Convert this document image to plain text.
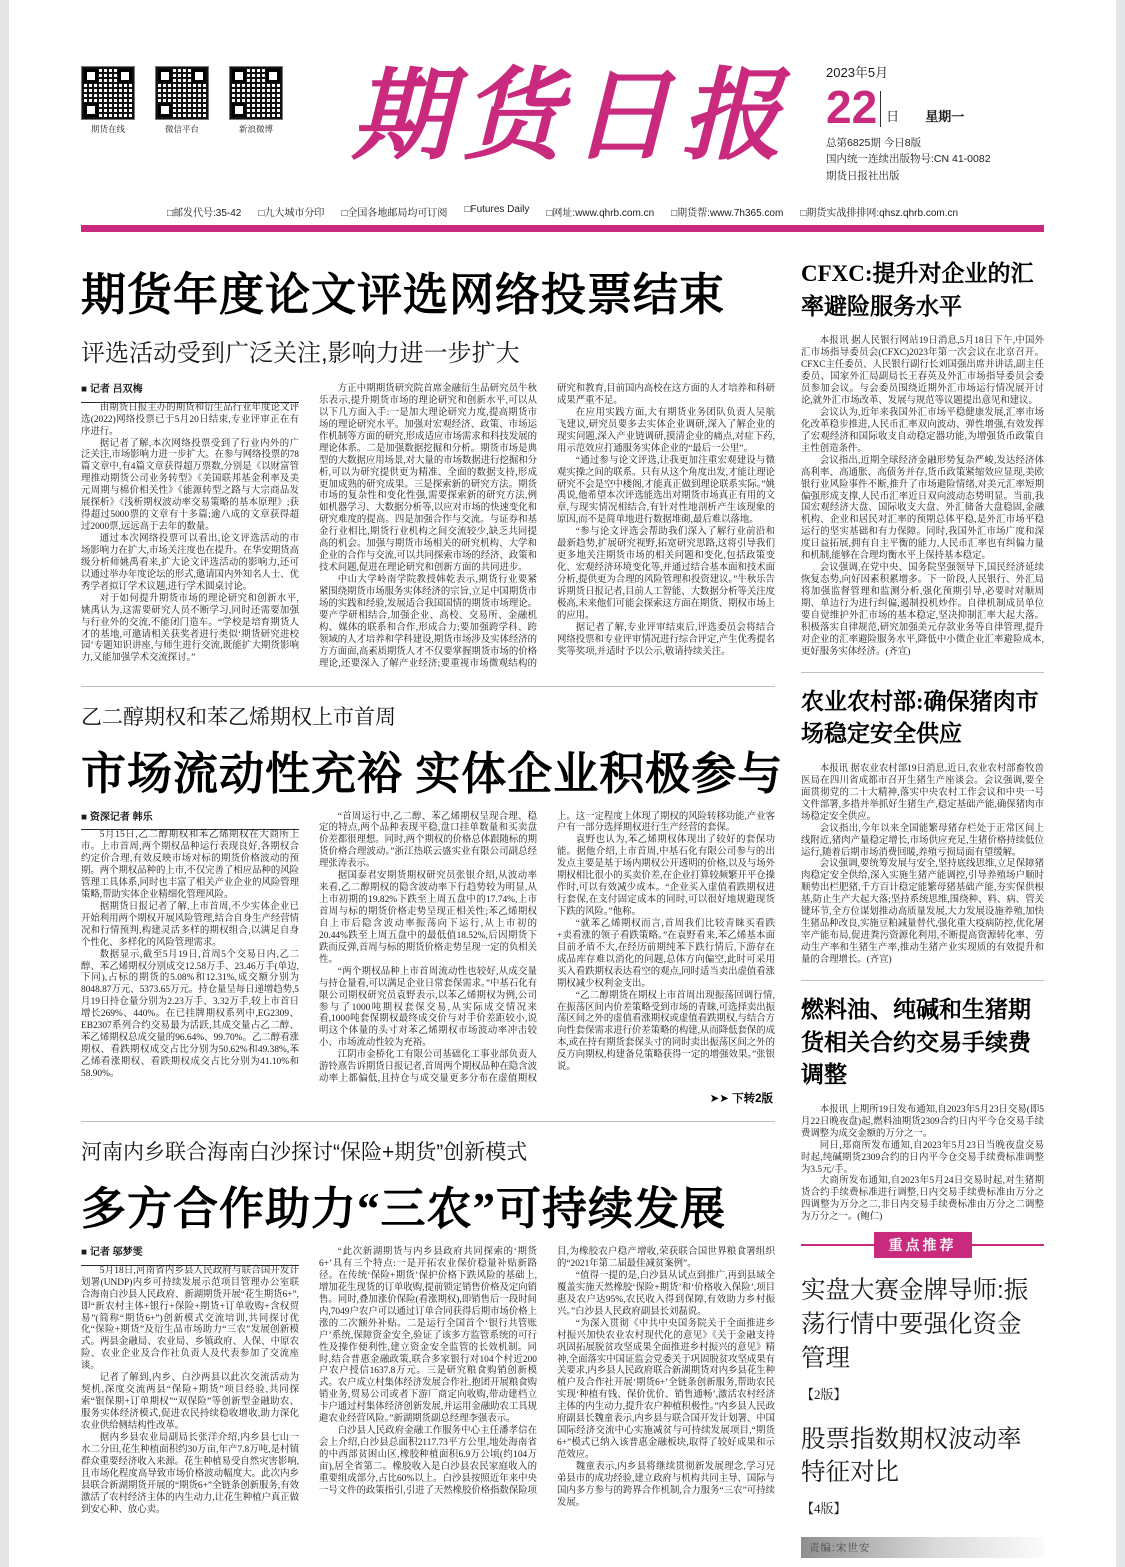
期货在线	微信平台	新浪微博 期货日报	2023年5月
22 日 星期一
总第6825期 今日8版
国内统一连续出版物号:CN 41-0082
期货日报社出版
□邮发代号:35-42 □九大城市分印 □全国各地邮局均可订阅 □Futures Daily □网址:www.qhrb.com.cn □期货帮:www.7h365.com □期货实战排排网:qhsz.qhrb.com.cn
期货年度论文评选网络投票结束

评选活动受到广泛关注,影响力进一步扩大

■ 记者 吕双梅

由期货日报主办的期货和衍生品行业年度论文评选(2022)网络投票已于5月20日结束,专业评审正在有序进行。

据记者了解,本次网络投票受到了行业内外的广泛关注,市场影响力进一步扩大。在参与网络投票的78篇文章中,有4篇文章获得超万票数,分别是《以财富管理推动期货公司业务转型》《美国联邦基金利率及美元周期与棉价相关性》《能源转型之路与大宗商品发展探析》《浅析期权波动率交易策略的基本原理》;获得超过5000票的文章有十多篇;逾八成的文章获得超过2000票,远远高于去年的数量。

通过本次网络投票可以看出,论文评选活动的市场影响力在扩大,市场关注度也在提升。在华安期货高级分析师姚禹看来,扩大论文评选活动的影响力,还可以通过举办年度论坛的形式,邀请国内外知名人士、优秀学者拟订学术议题,进行学术圆桌讨论。

对于如何提升期货市场的理论研究和创新水平,姚禹认为,这需要研究人员不断学习,同时还需要加强与行业外的交流,不能闭门造车。“学校是培育期货人才的基地,可邀请相关获奖者进行类似‘期货研究进校园’专题知识讲座,与师生进行交流,既能扩大期货影响力,又能加强学术交流探讨。”

方正中期期货研究院首席金融衍生品研究员牛秋乐表示,提升期货市场的理论研究和创新水平,可以从以下几方面入手:一是加大理论研究力度,提高期货市场的理论研究水平。加强对宏观经济、政策、市场运作机制等方面的研究,形成适应市场需求和科技发展的理论体系。二是加强数据挖掘和分析。期货市场是典型的大数据应用场景,对大量的市场数据进行挖掘和分析,可以为研究提供更为精准、全面的数据支持,形成更加成熟的研究成果。三是探索新的研究方法。期货市场的复杂性和变化性强,需要探索新的研究方法,例如机器学习、大数据分析等,以应对市场的快速变化和研究难度的提高。四是加强合作与交流。与证券和基金行业相比,期货行业机构之间交流较少,缺乏共同提高的机会。加强与期货市场相关的研究机构、大学和企业的合作与交流,可以共同探索市场的经济、政策和技术问题,促进在理论研究和创新方面的共同进步。

中山大学岭南学院教授韩乾表示,期货行业要紧紧围绕期货市场服务实体经济的宗旨,立足中国期货市场的实践和经验,发展适合我国国情的期货市场理论。要产学研相结合,加强企业、高校、交易所、金融机构、媒体的联系和合作,形成合力;要加强跨学科、跨领域的人才培养和学科建设,期货市场涉及实体经济的方方面面,高素质期货人才不仅要掌握期货市场的价格理论,还要深入了解产业经济;要重视市场微观结构的研究和教育,目前国内高校在这方面的人才培养和科研成果严重不足。

在应用实践方面,大有期货业务团队负责人吴航飞建议,研究员要多去实体企业调研,深入了解企业的现实问题,深入产业链调研,摸清企业的痛点,对症下药,用示范效应打通服务实体企业的“最后一公里”。

“通过参与论文评选,让我更加注重宏观建设与微观实操之间的联系。只有从这个角度出发,才能让理论研究不会是空中楼阁,才能真正做到理论联系实际。”姚禹说,他希望本次评选能选出对期货市场真正有用的文章,与现实情况相结合,有针对性地剖析产生该现象的原因,而不是简单地进行数据堆砌,最后难以落地。

“参与论文评选会帮助我们深入了解行业前沿和最新趋势,扩展研究视野,拓宽研究思路,这将引导我们更多地关注期货市场的相关问题和变化,包括政策变化、宏观经济环境变化等,并通过结合基本面和技术面分析,提供更为合理的风险管理和投资建议。”牛秋乐告诉期货日报记者,目前人工智能、大数据分析等关注度极高,未来他们可能会探索这方面在期货、期权市场上的应用。

据记者了解,专业评审结束后,评选委员会将结合网络投票和专业评审情况进行综合评定,产生优秀提名奖等奖项,并适时予以公示,敬请持续关注。

乙二醇期权和苯乙烯期权上市首周

市场流动性充裕 实体企业积极参与

■ 资深记者 韩乐

5月15日,乙二醇期权和苯乙烯期权在大商所上市。上市首周,两个期权品种运行表现良好,各期权合约定价合理,有效反映市场对标的期货价格波动的预期。两个期权品种的上市,不仅完善了相应品种的风险管理工具体系,同时也丰富了相关产业企业的风险管理策略,帮助实体企业精细化管理风险。

据期货日报记者了解,上市首周,不少实体企业已开始利用两个期权开展风险管理,结合自身生产经营情况和行情预判,构建灵活多样的期权组合,以满足自身个性化、多样化的风险管理需求。

数据显示,截至5月19日,首周5个交易日内,乙二醇、苯乙烯期权分别成交12.58万手、23.46万手(单边,下同),占标的期货的5.08%和12.31%,成交额分别为8048.87万元、5373.65万元。持仓量呈每日递增趋势,5月19日持仓量分别为2.23万手、3.32万手,较上市首日增长269%、440%。在已挂牌期权系列中,EG2309、EB2307系列合约交易最为活跃,其成交量占乙二醇、苯乙烯期权总成交量的96.64%、99.70%。乙二醇看涨期权、看跌期权成交占比分别为50.62%和49.38%,苯乙烯看涨期权、看跌期权成交占比分别为41.10%和58.90%。

“首周运行中,乙二醇、苯乙烯期权呈现合理、稳定的特点,两个品种表现平稳,盘口挂单数量和买卖盘价差都很理想。同时,两个期权的价格总体跟随标的期货价格合理波动。”浙江热联云盛实业有限公司副总经理张涛表示。

据国泰君安期货期权研究员张银介绍,从波动率来看,乙二醇期权的隐含波动率下行趋势较为明显,从上市初期的19.82%下跌至上周五盘中的17.74%,上市首周与标的期货价格走势呈现正相关性;苯乙烯期权自上市后隐含波动率振荡向下运行,从上市初的20.44%跌至上周五盘中的最低值18.52%,后因期货下跌而反弹,首周与标的期货价格走势呈现一定的负相关性。

“两个期权品种上市首周流动性也较好,从成交量与持仓量看,可以满足企业日常套保需求。”中基石化有限公司期权研究员袁野表示,以苯乙烯期权为例,公司参与了1000吨期权套保交易,从实际成交情况来看,1000吨套保期权最终成交价与对手价差距较小,说明这个体量的头寸对苯乙烯期权市场波动率冲击较小、市场流动性较为充裕。

江阴市金桥化工有限公司基础化工事业部负责人游铃熹告诉期货日报记者,首周两个期权品种在隐含波动率上都偏低,且持仓与成交量更多分布在虚值期权上。这一定程度上体现了期权的风险转移功能,产业客户有一部分选择期权进行生产经营的套保。

袁野也认为,苯乙烯期权体现出了较好的套保功能。据他介绍,上市首周,中基石化有限公司参与的出发点主要是基于场内期权公开透明的价格,以及与场外期权相比很小的买卖价差,在企业打算较频繁开平仓操作时,可以有效减少成本。“企业买入虚值看跌期权进行套保,在支付固定成本的同时,可以很好地规避现货下跌的风险。”他称。

“就苯乙烯期权而言,首周我们比较青睐买看跌+卖看涨的领子看跌策略。”在袁野看来,苯乙烯基本面目前矛盾不大,在经历前期纯苯下跌行情后,下游存在成品库存难以消化的问题,总体方向偏空,此时可采用买入看跌期权表达看空的观点,同时适当卖出虚值看涨期权减少权利金支出。

“乙二醇期货在期权上市首周出现振荡回调行情,在振荡区间内价差策略受到市场的青睐,可选择卖出振荡区间之外的虚值看涨期权或虚值看跌期权,与结合方向性套保需求进行价差策略的构建,从而降低套保的成本,或在持有期货套保头寸的同时卖出振荡区间之外的反方向期权,构建备兑策略获得一定的增强效果。”张银说。

➤➤ 下转2版

河南内乡联合海南白沙探讨“保险+期货”创新模式

多方合作助力“三农”可持续发展

■ 记者 邬梦雯

5月18日,河南省内乡县人民政府与联合国开发计划署(UNDP)内乡可持续发展示范项目管理办公室联合海南白沙县人民政府、新湖期货开展“花生期货6+”,即“新农村主体+银行+保险+期货+订单收购+含权贸易”(简称“期货6+”)创新模式交流培训,共同探讨优化“保险+期货”及衍生品市场助力“三农”发展创新模式。两县金融局、农业局、乡镇政府、人保、中原农险、农业企业及合作社负责人及代表参加了交流座谈。

记者了解到,内乡、白沙两县以此次交流活动为契机,深度交流两县“保险+期货”项目经验,共同探索“银保期+订单期权”“双保险”等创新型金融助农、服务实体经济模式,促进农民持续稳收增收,助力深化农业供给侧结构性改革。

据内乡县农业局副局长张洋介绍,内乡县七山一水二分田,花生种植面积约30万亩,年产7.8万吨,是村镇群众重要经济收入来源。花生种植易受自然灾害影响,且市场化程度高导致市场价格波动幅度大。此次内乡县联合新湖期货开展的“期货6+”全链条创新服务,有效激活了农村经济主体的内生动力,让花生种植户真正做到安心种、放心卖。

“此次新湖期货与内乡县政府共同探索的‘期货6+’具有三个特点:一是开拓农业保价稳量补贴新路径。在传统‘保险+期货’保护价格下跌风险的基础上,增加花生现货的订单收购,提前锁定销售价格及定向销售。同时,叠加涨价保险(看涨期权),即销售后一段时间内,7049户农户可以通过订单合同获得后期市场价格上涨的二次额外补贴。二是运行全国首个‘银行共管账户’系统,保障资金安全,验证了该多方监管系统的可行性及操作便利性,建立资金安全监管的长效机制。同时,结合普惠金融政策,联合多家银行对104个村近200户农户授信1637.8万元。三是研究粮食购销创新模式。农户成立村集体经济发展合作社,抱团开展粮食购销业务,贸易公司或者下游厂商定向收购,带动建档立卡户通过村集体经济创新发展,并运用金融助农工具规避农业经营风险。”新湖期货副总经理李强表示。

白沙县人民政府金融工作服务中心主任潘孝信在会上介绍,白沙县总面积2117.73平方公里,地处海南省的中西部贫困山区,橡胶种植面积6.9万公顷(约104万亩),居全省第二。橡胶收入是白沙县农民家庭收入的重要组成部分,占比60%以上。白沙县按照近年来中央一号文件的政策指引,引进了天然橡胶价格指数保险项目,为橡胶农户稳产增收,荣获联合国世界粮食署组织的“2021年第二届最佳减贫案例”。

“值得一提的是,白沙县从试点到推广,再到县域全覆盖实施天然橡胶‘保险+期货’和‘价格收入保险’,项目惠及农户达95%,农民收入得到保障,有效助力乡村振兴。”白沙县人民政府副县长刘磊说。

“为深入贯彻《中共中央国务院关于全面推进乡村振兴加快农业农村现代化的意见》《关于金融支持巩固拓展脱贫攻坚成果全面推进乡村振兴的意见》精神,全面落实中国证监会党委关于巩固脱贫攻坚成果有关要求,内乡县人民政府联合新湖期货对内乡县花生种植户及合作社开展‘期货6+’全链条创新服务,帮助农民实现‘种植有钱、保价优价、销售通畅’,激活农村经济主体的内生动力,提升农户种植积极性。”内乡县人民政府副县长魏童表示,内乡县与联合国开发计划署、中国国际经济交流中心实施减贫与可持续发展项目,“期货6+”模式已纳入该普惠金融板块,取得了较好成果和示范效应。

魏童表示,内乡县将继续贯彻新发展理念,学习兄弟县市的成功经验,建立政府与机构共同主导、国际与国内多方参与的跨界合作机制,合力服务“三农”可持续发展。

CFXC:提升对企业的汇率避险服务水平

本报讯 据人民银行网站19日消息,5月18日下午,中国外汇市场指导委员会(CFXC)2023年第一次会议在北京召开。CFXC主任委员、人民银行副行长刘国强出席并讲话,副主任委员、国家外汇局副局长王春英及外汇市场指导委员会委员参加会议。与会委员围绕近期外汇市场运行情况展开讨论,就外汇市场改革、发展与规范等议题提出意见和建议。

会议认为,近年来我国外汇市场平稳健康发展,汇率市场化改革稳步推进,人民币汇率双向波动、弹性增强,有效发挥了宏观经济和国际收支自动稳定器功能,为增强货币政策自主性创造条件。

会议指出,近期全球经济金融形势复杂严峻,发达经济体高利率、高通胀、高债务并存,货币政策紧缩效应显现,美欧银行业风险事件不断,推升了市场避险情绪,对美元汇率短期偏强形成支撑,人民币汇率近日双向波动态势明显。当前,我国宏观经济大盘、国际收支大盘、外汇储备大盘稳固,金融机构、企业和居民对汇率的预期总体平稳,是外汇市场平稳运行的坚实基础和有力保障。同时,我国外汇市场广度和深度日益拓展,拥有自主平衡的能力,人民币汇率也有纠偏力量和机制,能够在合理均衡水平上保持基本稳定。

会议强调,在党中央、国务院坚强领导下,国民经济延续恢复态势,向好因素积累增多。下一阶段,人民银行、外汇局将加强监督管理和监测分析,强化预期引导,必要时对顺周期、单边行为进行纠偏,遏制投机炒作。自律机制成员单位要自觉维护外汇市场的基本稳定,坚决抑制汇率大起大落。积极落实自律规范,研究加强美元存款业务等自律管理,提升对企业的汇率避险服务水平,降低中小微企业汇率避险成本,更好服务实体经济。(齐宣)

农业农村部:确保猪肉市场稳定安全供应

本报讯 据农业农村部19日消息,近日,农业农村部畜牧兽医局在四川省成都市召开生猪生产座谈会。会议强调,要全面贯彻党的二十大精神,落实中央农村工作会议和中央一号文件部署,多措并举抓好生猪生产,稳定基础产能,确保猪肉市场稳定安全供应。

会议指出,今年以来全国能繁母猪存栏处于正常区间上线附近,猪肉产量稳定增长,市场供应充足,生猪价格持续低位运行,随着后期市场消费回暖,养殖亏损局面有望缓解。

会议强调,要统筹发展与安全,坚持底线思维,立足保障猪肉稳定安全供给,深入实施生猪产能调控,引导养殖场户顺时顺势出栏肥猪,千方百计稳定能繁母猪基础产能,夯实保供根基,防止生产大起大落;坚持系统思维,围绕种、料、病、管关键环节,全方位谋划推动高质量发展,大力发展设施养殖,加快生猪品种改良,实施豆粕减量替代,强化重大疫病防控,优化屠宰产能布局,促进粪污资源化利用,不断提高资源转化率、劳动生产率和生猪生产率,推动生猪产业实现质的有效提升和量的合理增长。(齐宣)

燃料油、纯碱和生猪期货相关合约交易手续费调整

本报讯 上期所19日发布通知,自2023年5月23日交易(即5月22日晚夜盘)起,燃料油期货2309合约日内平今仓交易手续费调整为成交金额的万分之一。

同日,郑商所发布通知,自2023年5月23日当晚夜盘交易时起,纯碱期货2309合约的日内平今仓交易手续费标准调整为3.5元/手。

大商所发布通知,自2023年5月24日交易时起,对生猪期货合约手续费标准进行调整,日内交易手续费标准由万分之四调整为万分之二,非日内交易手续费标准由万分之二调整为万分之一。(鲍仁)

重点推荐

实盘大赛金牌导师:振荡行情中要强化资金管理

【2版】

股票指数期权波动率特征对比

【4版】

责编:宋世安
